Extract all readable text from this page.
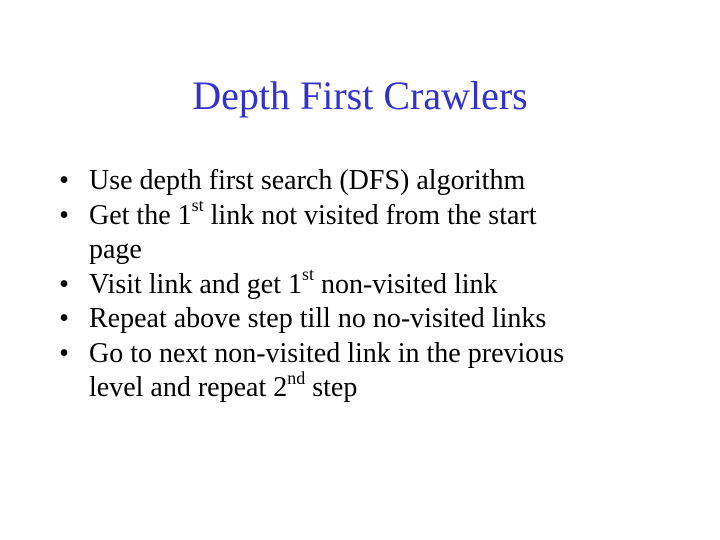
Depth First Crawlers
• Use depth first search (DFS) algorithm
• Get the 1st link not visited from the start
page
• Visit link and get 1st non-visited link
• Repeat above step till no no-visited links
• Go to next non-visited link in the previous
level and repeat 2nd step
